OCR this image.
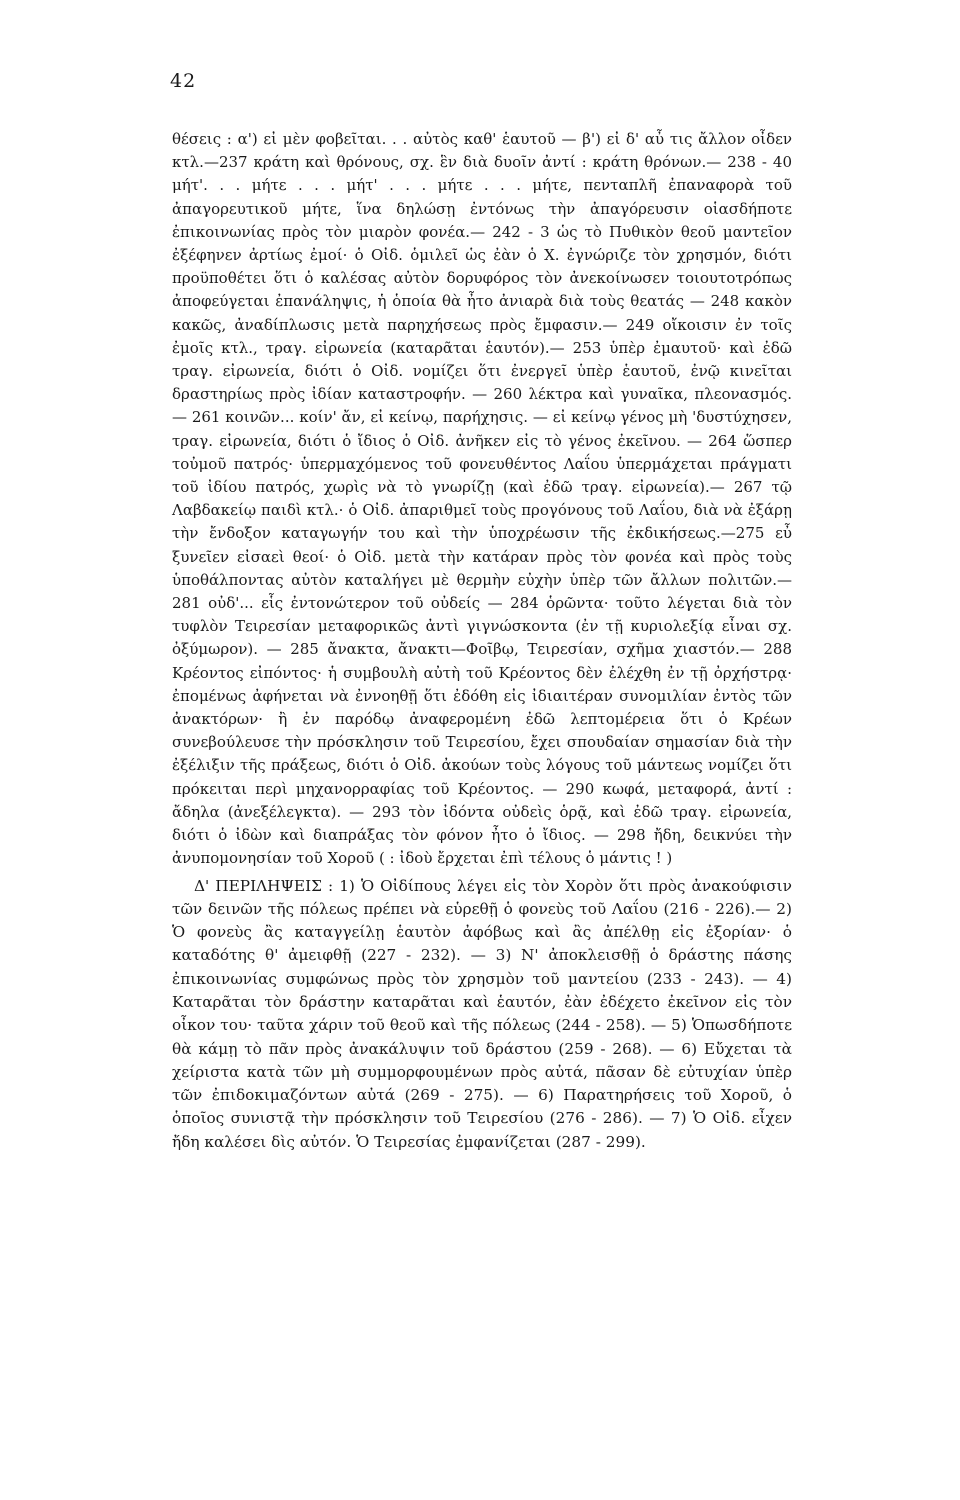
42

θέσεις : α') εἰ μὲν φοβεῖται. . . αὐτὸς καθ' ἑαυτοῦ — β') εἰ δ' αὖ τις ἄλλον οἶδεν κτλ.—237 κράτη καὶ θρόνους, σχ. ἓν διὰ δυοῖν ἀντί : κράτη θρόνων.— 238 - 40 μήτ'. . . μήτε . . . μήτ' . . . μήτε . . . μήτε, πενταπλῆ ἐπαναφορὰ τοῦ ἀπαγορευτικοῦ μήτε, ἵνα δηλώσῃ ἐντόνως τὴν ἀπαγόρευσιν οἱασδήποτε ἐπικοινωνίας πρὸς τὸν μιαρὸν φονέα.— 242 - 3 ὡς τὸ Πυθικὸν θεοῦ μαντεῖον ἐξέφηνεν ἀρτίως ἐμοί· ὁ Οἰδ. ὁμιλεῖ ὡς ἐὰν ὁ Χ. ἐγνώριζε τὸν χρησμόν, διότι προϋποθέτει ὅτι ὁ καλέσας αὐτὸν δορυφόρος τὸν ἀνεκοίνωσεν τοιουτοτρόπως ἀποφεύγεται ἐπανάληψις, ἡ ὁποία θὰ ἦτο ἀνιαρὰ διὰ τοὺς θεατάς — 248 κακὸν κακῶς, ἀναδίπλωσις μετὰ παρηχήσεως πρὸς ἔμφασιν.— 249 οἴκοισιν ἐν τοῖς ἐμοῖς κτλ., τραγ. εἰρωνεία (καταρᾶται ἑαυτόν).— 253 ὑπὲρ ἐμαυτοῦ· καὶ ἐδῶ τραγ. εἰρωνεία, διότι ὁ Οἰδ. νομίζει ὅτι ἐνεργεῖ ὑπὲρ ἑαυτοῦ, ἐνῷ κινεῖται δραστηρίως πρὸς ἰδίαν καταστροφήν. — 260 λέκτρα καὶ γυναῖκα, πλεονασμός.— 261 κοινῶν... κοίν' ἄν, εἰ κείνῳ, παρήχησις. — εἰ κείνῳ γένος μὴ 'δυστύχησεν, τραγ. εἰρωνεία, διότι ὁ ἴδιος ὁ Οἰδ. ἀνῆκεν εἰς τὸ γένος ἐκεῖνου. — 264 ὥσπερ τοὐμοῦ πατρός· ὑπερμαχόμενος τοῦ φονευθέντος Λαΐου ὑπερμάχεται πράγματι τοῦ ἰδίου πατρός, χωρὶς νὰ τὸ γνωρίζῃ (καὶ ἐδῶ τραγ. εἰρωνεία).— 267 τῷ Λαβδακείῳ παιδὶ κτλ.· ὁ Οἰδ. ἀπαριθμεῖ τοὺς προγόνους τοῦ Λαΐου, διὰ νὰ ἐξάρῃ τὴν ἔνδοξον καταγωγήν του καὶ τὴν ὑποχρέωσιν τῆς ἐκδικήσεως.—275 εὖ ξυνεῖεν εἰσαεὶ θεοί· ὁ Οἰδ. μετὰ τὴν κατάραν πρὸς τὸν φονέα καὶ πρὸς τοὺς ὑποθάλποντας αὐτὸν καταλήγει μὲ θερμὴν εὐχὴν ὑπὲρ τῶν ἄλλων πολιτῶν.— 281 οὐδ'... εἷς ἐντονώτερον τοῦ οὐδείς — 284 ὁρῶντα· τοῦτο λέγεται διὰ τὸν τυφλὸν Τειρεσίαν μεταφορικῶς ἀντὶ γιγνώσκοντα (ἐν τῇ κυριολεξίᾳ εἶναι σχ. ὀξύμωρον). — 285 ἄνακτα, ἄνακτι—Φοῖβῳ, Τειρεσίαν, σχῆμα χιαστόν.— 288 Κρέοντος εἰπόντος· ἡ συμβουλὴ αὐτὴ τοῦ Κρέοντος δὲν ἐλέχθη ἐν τῇ ὀρχήστρᾳ· ἐπομένως ἀφήνεται νὰ ἐννοηθῇ ὅτι ἐδόθη εἰς ἰδιαιτέραν συνομιλίαν ἐντὸς τῶν ἀνακτόρων· ἢ ἐν παρόδῳ ἀναφερομένη ἐδῶ λεπτομέρεια ὅτι ὁ Κρέων συνεβούλευσε τὴν πρόσκλησιν τοῦ Τειρεσίου, ἔχει σπουδαίαν σημασίαν διὰ τὴν ἐξέλιξιν τῆς πράξεως, διότι ὁ Οἰδ. ἀκούων τοὺς λόγους τοῦ μάντεως νομίζει ὅτι πρόκειται περὶ μηχανορραφίας τοῦ Κρέοντος. — 290 κωφά, μεταφορά, ἀντί : ἄδηλα (ἀνεξέλεγκτα). — 293 τὸν ἰδόντα οὐδεὶς ὁρᾷ, καὶ ἐδῶ τραγ. εἰρωνεία, διότι ὁ ἰδὼν καὶ διαπράξας τὸν φόνον ἦτο ὁ ἴδιος. — 298 ἤδη, δεικνύει τὴν ἀνυπομονησίαν τοῦ Χοροῦ ( : ἰδοὺ ἔρχεται ἐπὶ τέλους ὁ μάντις ! )

Δ' ΠΕΡΙΛΗΨΕΙΣ : 1) Ὁ Οἰδίπους λέγει εἰς τὸν Χορὸν ὅτι πρὸς ἀνακούφισιν τῶν δεινῶν τῆς πόλεως πρέπει νὰ εὑρεθῇ ὁ φονεὺς τοῦ Λαΐου (216 - 226).— 2) Ὁ φονεὺς ἂς καταγγείλῃ ἑαυτὸν ἀφόβως καὶ ἂς ἀπέλθῃ εἰς ἐξορίαν· ὁ καταδότης θ' ἀμειφθῇ (227 - 232). — 3) Ν' ἀποκλεισθῇ ὁ δράστης πάσης ἐπικοινωνίας συμφώνως πρὸς τὸν χρησμὸν τοῦ μαντείου (233 - 243). — 4) Καταρᾶται τὸν δράστην καταρᾶται καὶ ἑαυτόν, ἐὰν ἐδέχετο ἐκεῖνον εἰς τὸν οἶκον του· ταῦτα χάριν τοῦ θεοῦ καὶ τῆς πόλεως (244 - 258). — 5) Ὁπωσδήποτε θὰ κάμῃ τὸ πᾶν πρὸς ἀνακάλυψιν τοῦ δράστου (259 - 268). — 6) Εὔχεται τὰ χείριστα κατὰ τῶν μὴ συμμορφουμένων πρὸς αὐτά, πᾶσαν δὲ εὐτυχίαν ὑπὲρ τῶν ἐπιδοκιμαζόντων αὐτά (269 - 275). — 6) Παρατηρήσεις τοῦ Χοροῦ, ὁ ὁποῖος συνιστᾷ τὴν πρόσκλησιν τοῦ Τειρεσίου (276 - 286). — 7) Ὁ Οἰδ. εἶχεν ἤδη καλέσει δὶς αὐτόν. Ὁ Τειρεσίας ἐμφανίζεται (287 - 299).
